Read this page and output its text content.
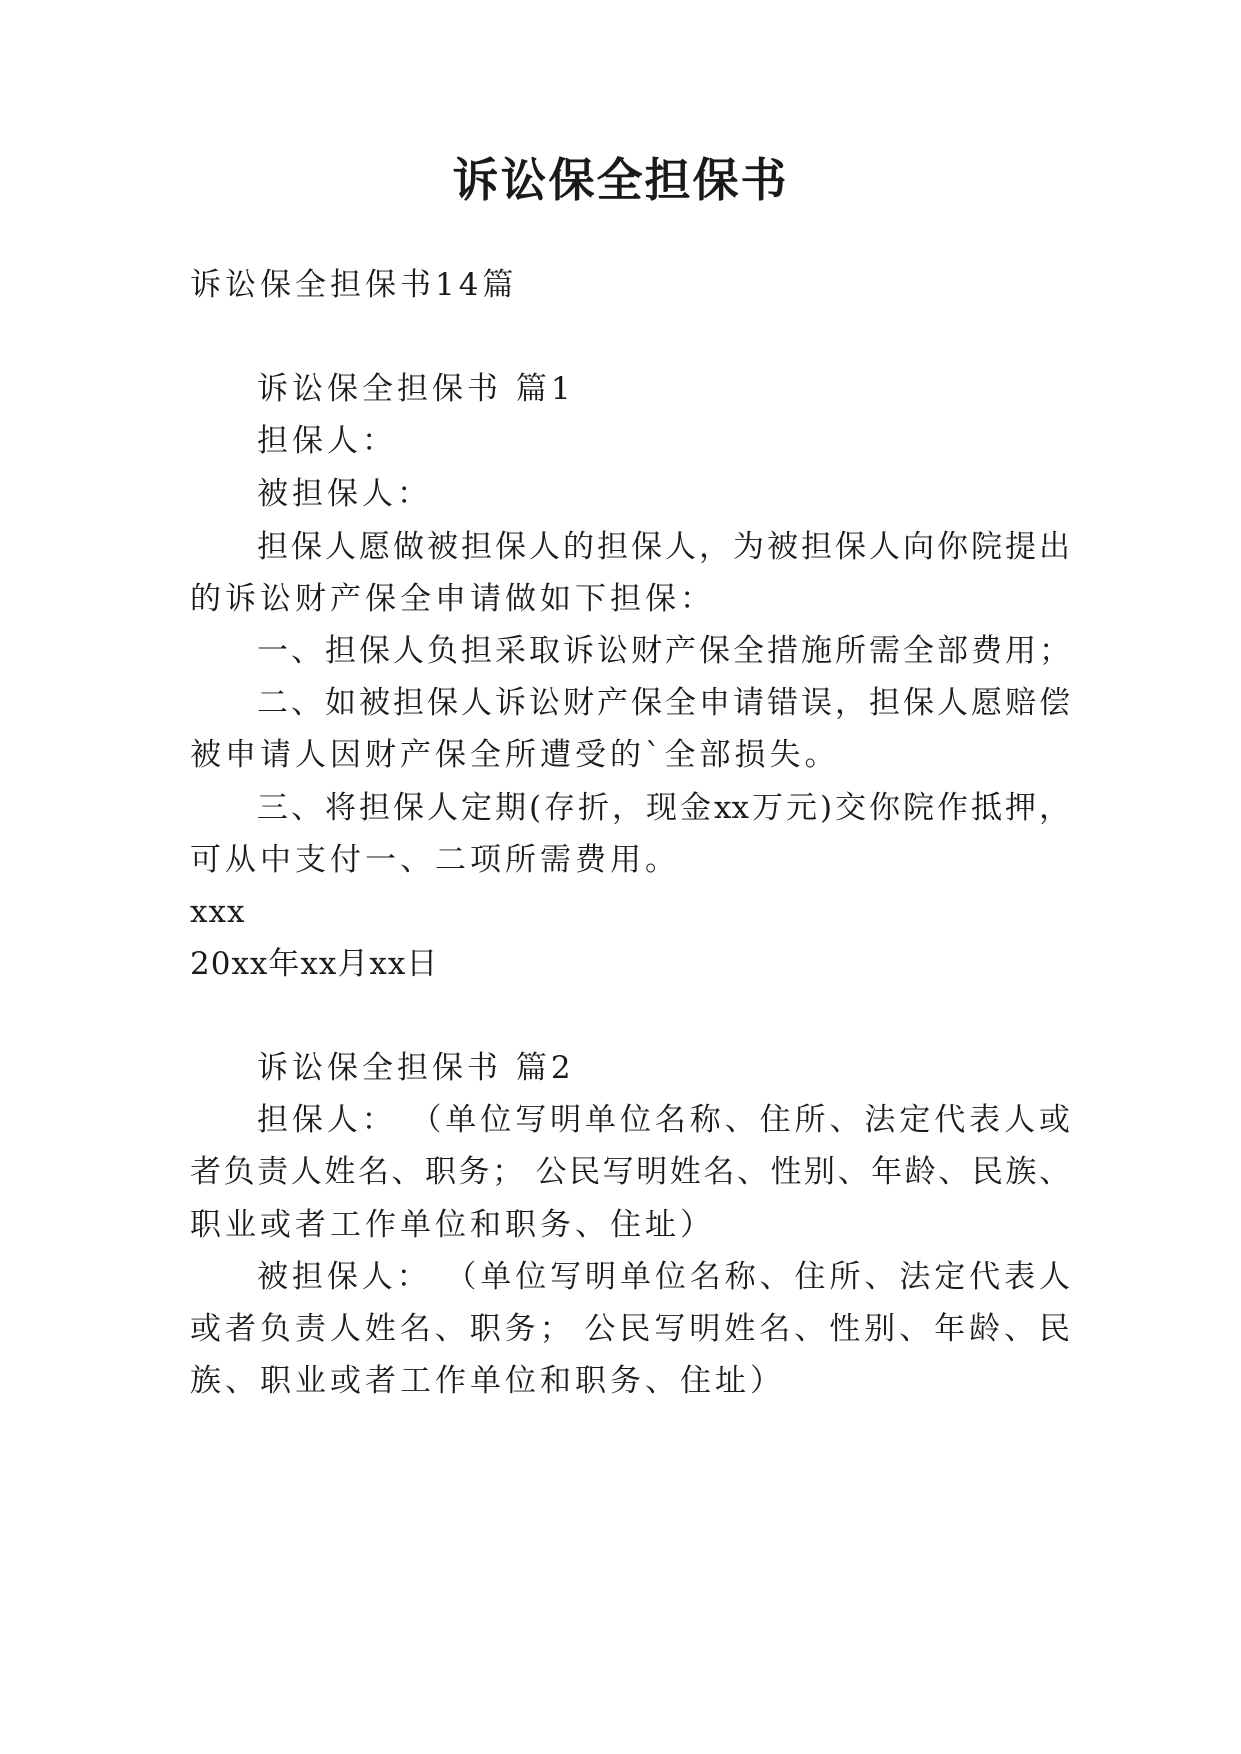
诉讼保全担保书

诉讼保全担保书14篇

诉讼保全担保书 篇1

担保人：

被担保人：

担保人愿做被担保人的担保人，为被担保人向你院提出

的诉讼财产保全申请做如下担保：

一、担保人负担采取诉讼财产保全措施所需全部费用；

二、如被担保人诉讼财产保全申请错误，担保人愿赔偿

被申请人因财产保全所遭受的`全部损失。

三、将担保人定期(存折，现金xx万元)交你院作抵押，

可从中支付一、二项所需费用。

xxx

20xx年xx月xx日

诉讼保全担保书 篇2

担保人： （单位写明单位名称、住所、法定代表人或

者负责人姓名、职务； 公民写明姓名、性别、年龄、民族、

职业或者工作单位和职务、住址）

被担保人： （单位写明单位名称、住所、法定代表人

或者负责人姓名、职务； 公民写明姓名、性别、年龄、民

族、职业或者工作单位和职务、住址）
